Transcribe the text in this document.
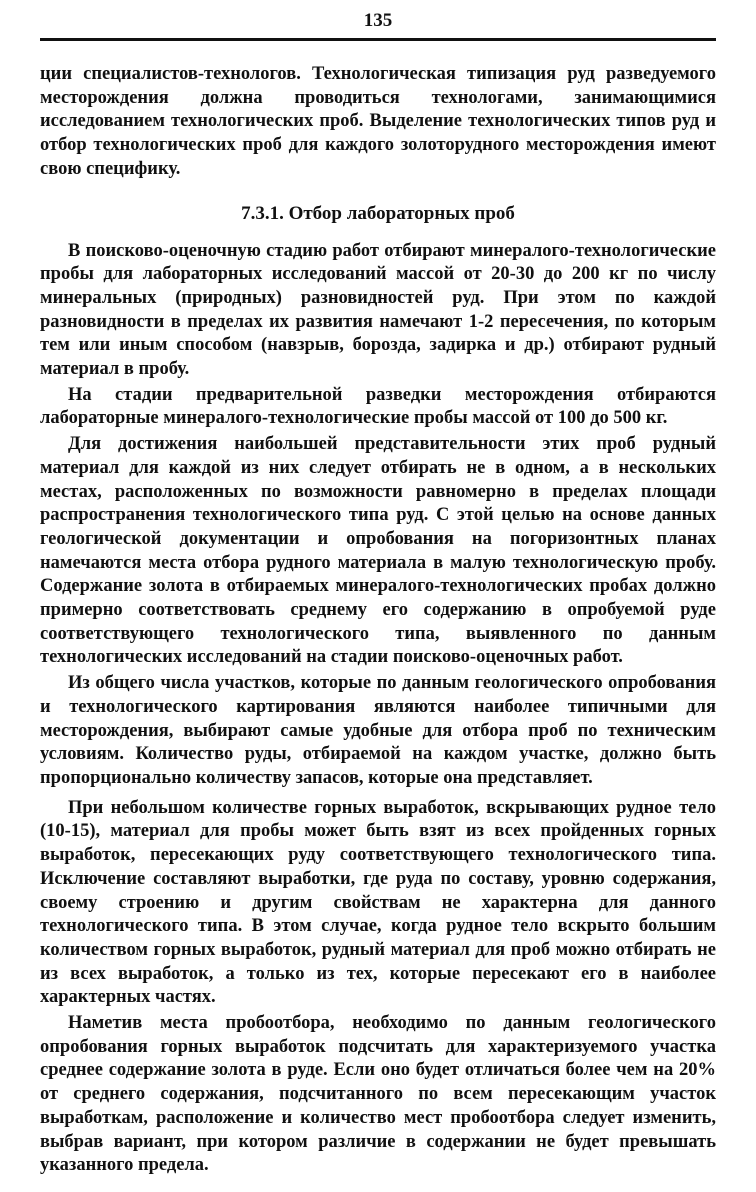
135

ции специалистов-технологов. Технологическая типизация руд разведуемого месторождения должна проводиться технологами, занимающимися исследованием технологических проб. Выделение технологических типов руд и отбор технологических проб для каждого золоторудного месторождения имеют свою специфику.

7.3.1. Отбор лабораторных проб

В поисково-оценочную стадию работ отбирают минералого-технологические пробы для лабораторных исследований массой от 20-30 до 200 кг по числу минеральных (природных) разновидностей руд. При этом по каждой разновидности в пределах их развития намечают 1-2 пересечения, по которым тем или иным способом (навзрыв, борозда, задирка и др.) отбирают рудный материал в пробу.

На стадии предварительной разведки месторождения отбираются лабораторные минералого-технологические пробы массой от 100 до 500 кг.

Для достижения наибольшей представительности этих проб рудный материал для каждой из них следует отбирать не в одном, а в нескольких местах, расположенных по возможности равномерно в пределах площади распространения технологического типа руд. С этой целью на основе данных геологической документации и опробования на погоризонтных планах намечаются места отбора рудного материала в малую технологическую пробу. Содержание золота в отбираемых минералого-технологических пробах должно примерно соответствовать среднему его содержанию в опробуемой руде соответствующего технологического типа, выявленного по данным технологических исследований на стадии поисково-оценочных работ.

Из общего числа участков, которые по данным геологического опробования и технологического картирования являются наиболее типичными для месторождения, выбирают самые удобные для отбора проб по техническим условиям. Количество руды, отбираемой на каждом участке, должно быть пропорционально количеству запасов, которые она представляет.

При небольшом количестве горных выработок, вскрывающих рудное тело (10-15), материал для пробы может быть взят из всех пройденных горных выработок, пересекающих руду соответствующего технологического типа. Исключение составляют выработки, где руда по составу, уровню содержания, своему строению и другим свойствам не характерна для данного технологического типа. В этом случае, когда рудное тело вскрыто большим количеством горных выработок, рудный материал для проб можно отбирать не из всех выработок, а только из тех, которые пересекают его в наиболее характерных частях.

Наметив места пробоотбора, необходимо по данным геологического опробования горных выработок подсчитать для характеризуемого участка среднее содержание золота в руде. Если оно будет отличаться более чем на 20% от среднего содержания, подсчитанного по всем пересекающим участок выработкам, расположение и количество мест пробоотбора следует изменить, выбрав вариант, при котором различие в содержании не будет превышать указанного предела.
